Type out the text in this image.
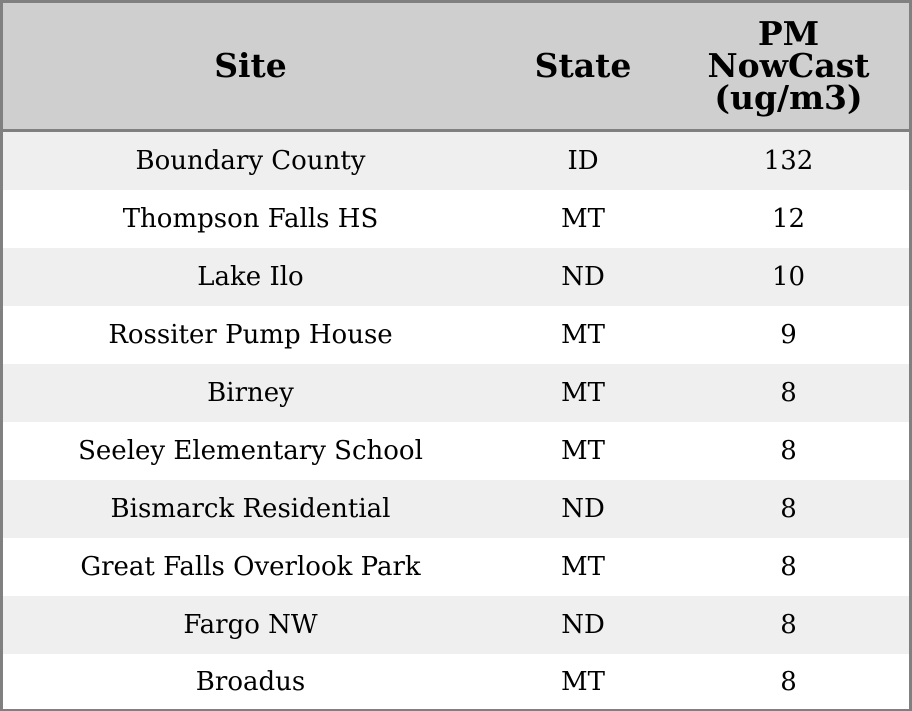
Site	State	PM
NowCast
(ug/m3)
Boundary County	ID	132
Thompson Falls HS	MT	12
Lake Ilo	ND	10
Rossiter Pump House	MT	9
Birney	MT	8
Seeley Elementary School	MT	8
Bismarck Residential	ND	8
Great Falls Overlook Park	MT	8
Fargo NW	ND	8
Broadus	MT	8
